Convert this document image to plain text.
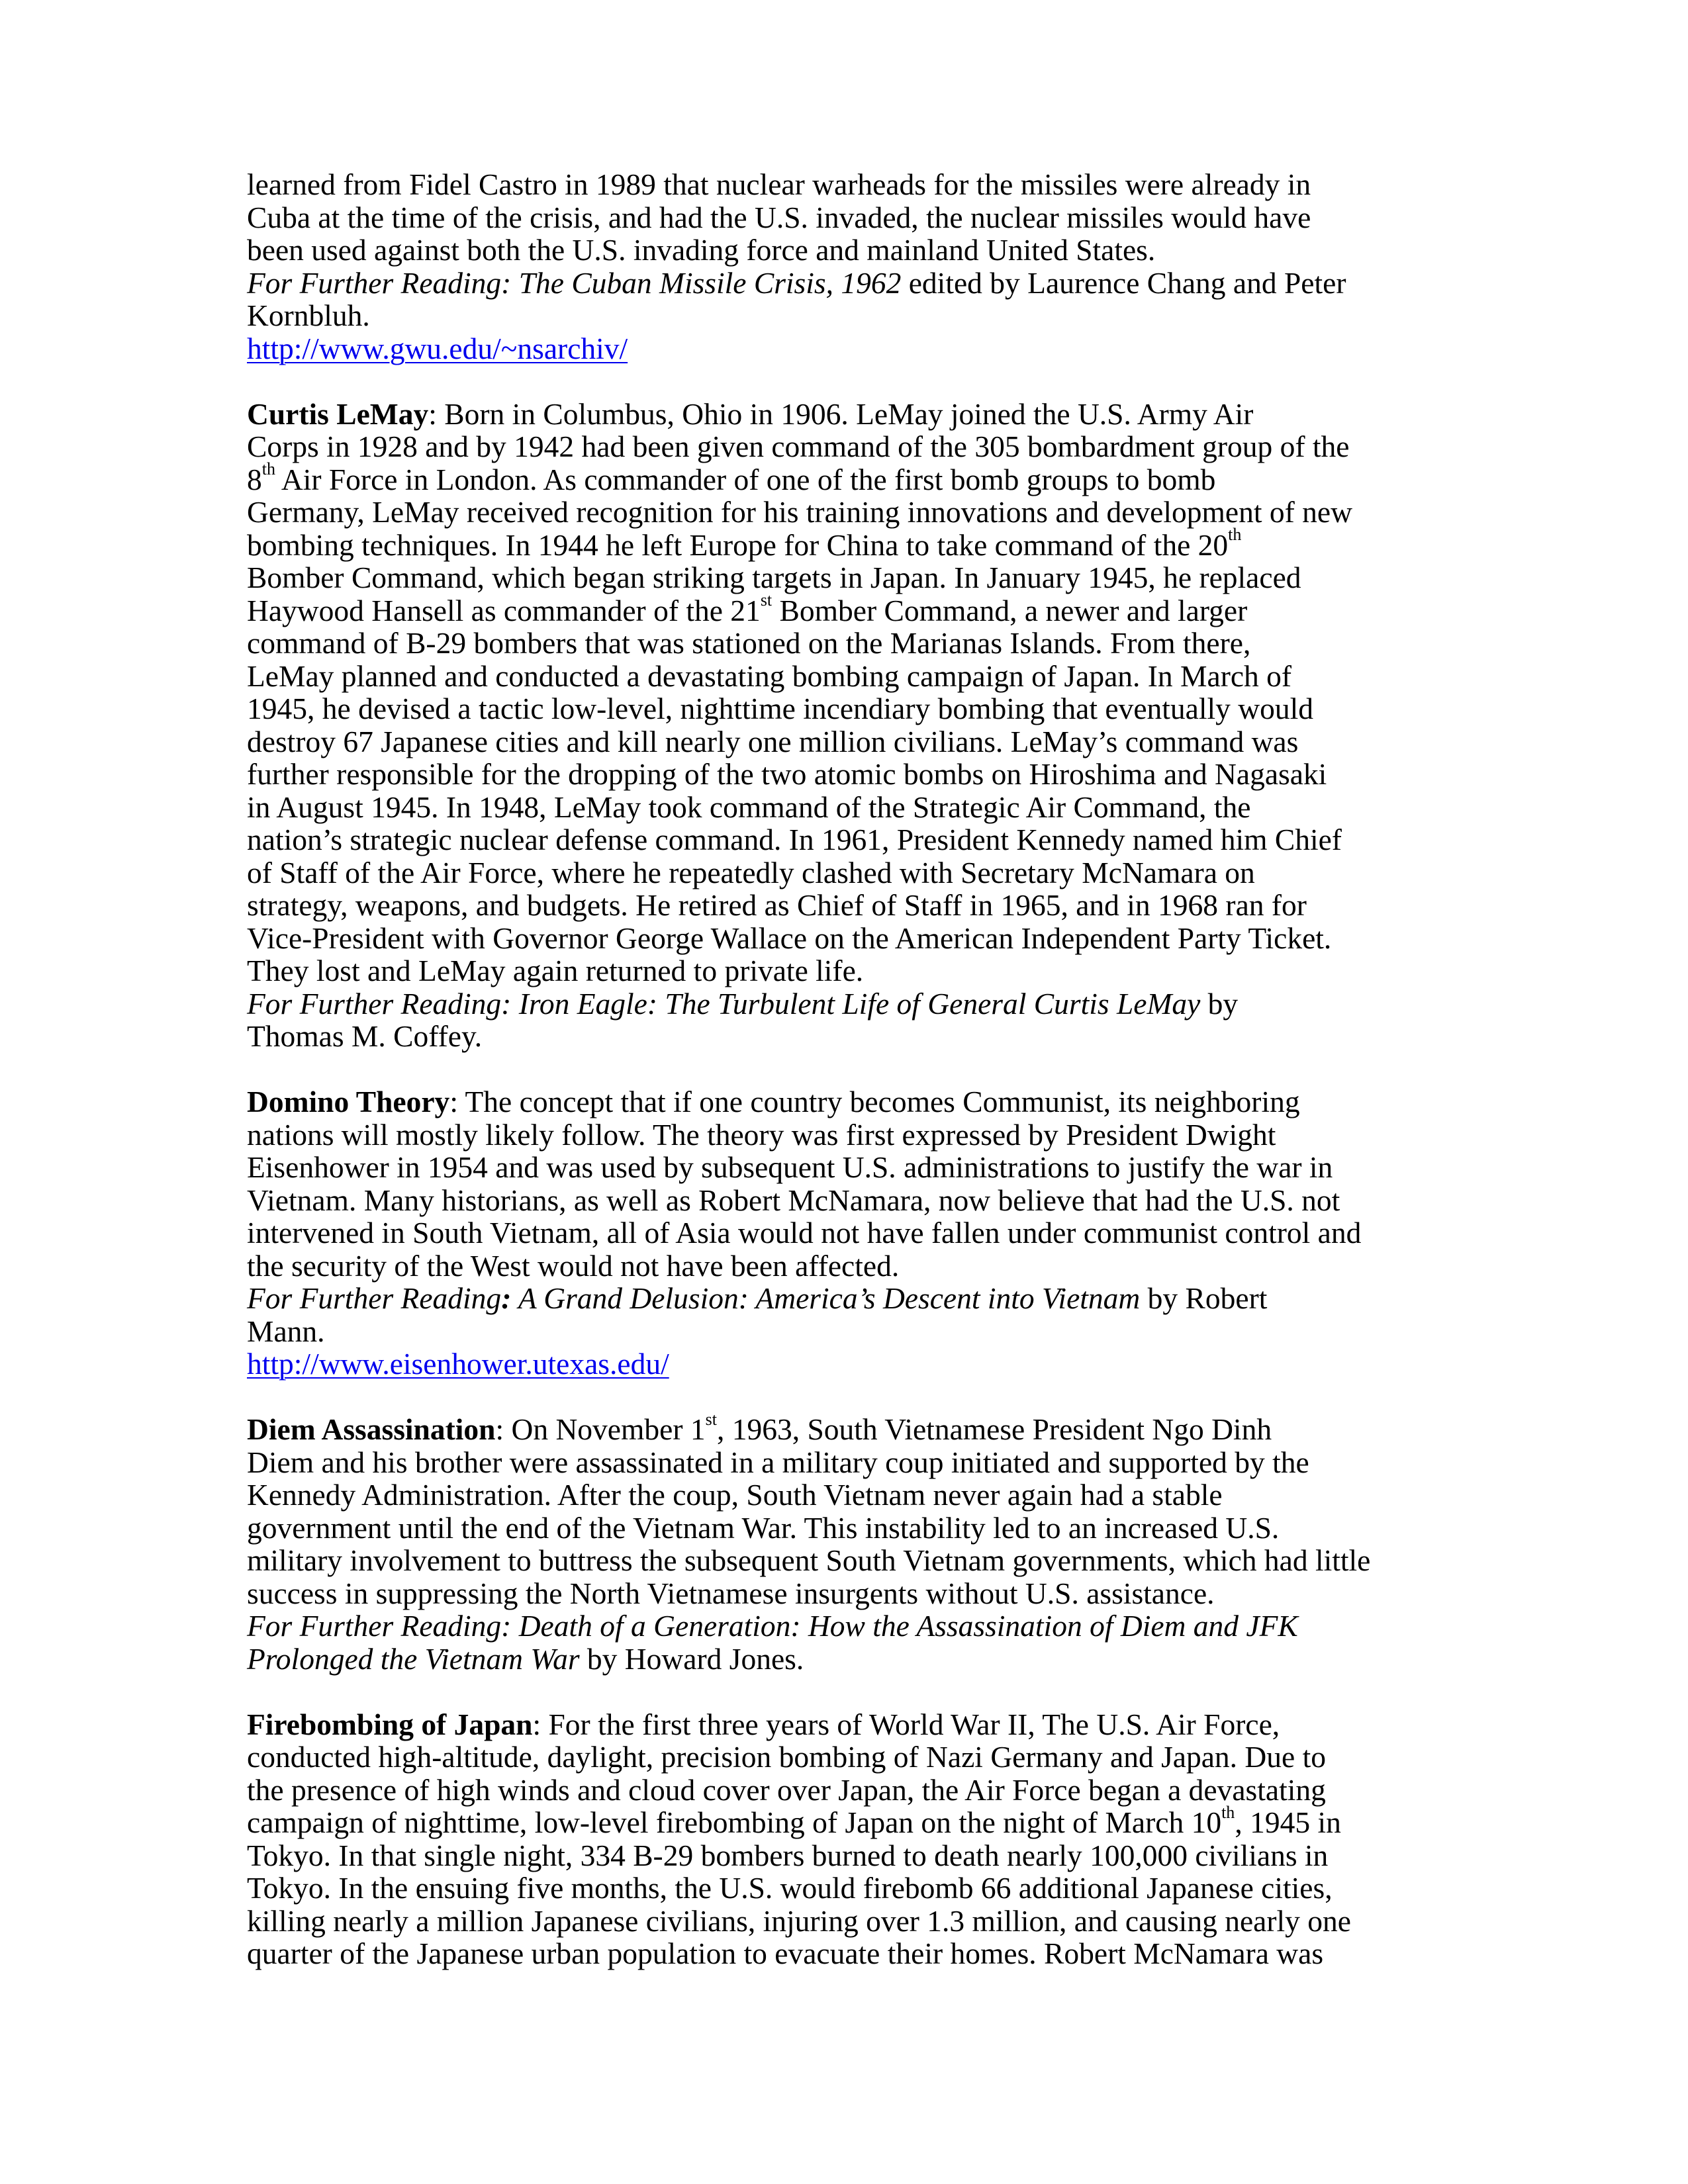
learned from Fidel Castro in 1989 that nuclear warheads for the missiles were already in
Cuba at the time of the crisis, and had the U.S. invaded, the nuclear missiles would have
been used against both the U.S. invading force and mainland United States.
For Further Reading: The Cuban Missile Crisis, 1962 edited by Laurence Chang and Peter
Kornbluh.
http://www.gwu.edu/~nsarchiv/
Curtis LeMay: Born in Columbus, Ohio in 1906. LeMay joined the U.S. Army Air
Corps in 1928 and by 1942 had been given command of the 305 bombardment group of the
8th Air Force in London. As commander of one of the first bomb groups to bomb
Germany, LeMay received recognition for his training innovations and development of new
bombing techniques. In 1944 he left Europe for China to take command of the 20th
Bomber Command, which began striking targets in Japan. In January 1945, he replaced
Haywood Hansell as commander of the 21st Bomber Command, a newer and larger
command of B-29 bombers that was stationed on the Marianas Islands. From there,
LeMay planned and conducted a devastating bombing campaign of Japan. In March of
1945, he devised a tactic low-level, nighttime incendiary bombing that eventually would
destroy 67 Japanese cities and kill nearly one million civilians. LeMay’s command was
further responsible for the dropping of the two atomic bombs on Hiroshima and Nagasaki
in August 1945. In 1948, LeMay took command of the Strategic Air Command, the
nation’s strategic nuclear defense command. In 1961, President Kennedy named him Chief
of Staff of the Air Force, where he repeatedly clashed with Secretary McNamara on
strategy, weapons, and budgets. He retired as Chief of Staff in 1965, and in 1968 ran for
Vice-President with Governor George Wallace on the American Independent Party Ticket.
They lost and LeMay again returned to private life.
For Further Reading: Iron Eagle: The Turbulent Life of General Curtis LeMay by
Thomas M. Coffey.
Domino Theory: The concept that if one country becomes Communist, its neighboring
nations will mostly likely follow. The theory was first expressed by President Dwight
Eisenhower in 1954 and was used by subsequent U.S. administrations to justify the war in
Vietnam. Many historians, as well as Robert McNamara, now believe that had the U.S. not
intervened in South Vietnam, all of Asia would not have fallen under communist control and
the security of the West would not have been affected.
For Further Reading: A Grand Delusion: America’s Descent into Vietnam by Robert
Mann.
http://www.eisenhower.utexas.edu/
Diem Assassination: On November 1st, 1963, South Vietnamese President Ngo Dinh
Diem and his brother were assassinated in a military coup initiated and supported by the
Kennedy Administration. After the coup, South Vietnam never again had a stable
government until the end of the Vietnam War. This instability led to an increased U.S.
military involvement to buttress the subsequent South Vietnam governments, which had little
success in suppressing the North Vietnamese insurgents without U.S. assistance.
For Further Reading: Death of a Generation: How the Assassination of Diem and JFK
Prolonged the Vietnam War by Howard Jones.
Firebombing of Japan: For the first three years of World War II, The U.S. Air Force,
conducted high-altitude, daylight, precision bombing of Nazi Germany and Japan. Due to
the presence of high winds and cloud cover over Japan, the Air Force began a devastating
campaign of nighttime, low-level firebombing of Japan on the night of March 10th, 1945 in
Tokyo. In that single night, 334 B-29 bombers burned to death nearly 100,000 civilians in
Tokyo. In the ensuing five months, the U.S. would firebomb 66 additional Japanese cities,
killing nearly a million Japanese civilians, injuring over 1.3 million, and causing nearly one
quarter of the Japanese urban population to evacuate their homes. Robert McNamara was
